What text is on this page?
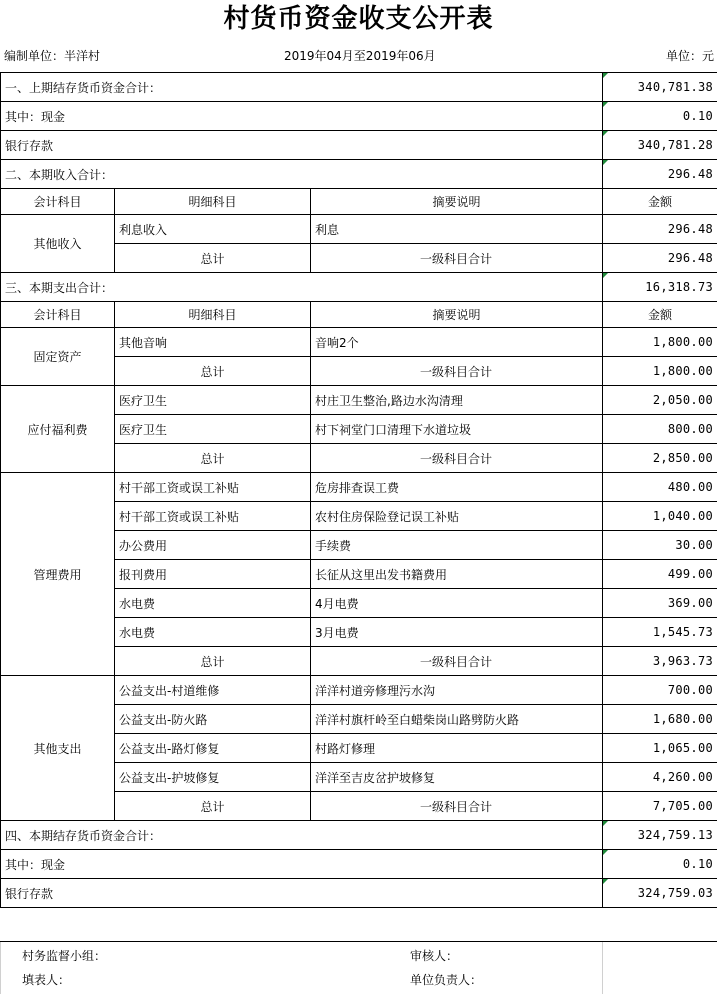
村货币资金收支公开表
编制单位：半洋村	2019年04月至2019年06月	单位：元
一、上期结存货币资金合计：			340,781.38
其中：现金			0.10
银行存款			340,781.28
二、本期收入合计：			296.48
会计科目	明细科目	摘要说明	金额
其他收入	利息收入	利息	296.48
	总计	一级科目合计	296.48
三、本期支出合计：			16,318.73
会计科目	明细科目	摘要说明	金额
固定资产	其他音响	音响2个	1,800.00
	总计	一级科目合计	1,800.00
应付福利费	医疗卫生	村庄卫生整治,路边水沟清理	2,050.00
	医疗卫生	村下祠堂门口清理下水道垃圾	800.00
	总计	一级科目合计	2,850.00
管理费用	村干部工资或误工补贴	危房排查误工费	480.00
	村干部工资或误工补贴	农村住房保险登记误工补贴	1,040.00
	办公费用	手续费	30.00
	报刊费用	长征从这里出发书籍费用	499.00
	水电费	4月电费	369.00
	水电费	3月电费	1,545.73
	总计	一级科目合计	3,963.73
其他支出	公益支出-村道维修	洋洋村道旁修理污水沟	700.00
	公益支出-防火路	洋洋村旗杆岭至白蜡柴岗山路劈防火路	1,680.00
	公益支出-路灯修复	村路灯修理	1,065.00
	公益支出-护坡修复	洋洋至吉皮岔护坡修复	4,260.00
	总计	一级科目合计	7,705.00
四、本期结存货币资金合计：			324,759.13
其中：现金			0.10
银行存款			324,759.03
村务监督小组：	审核人：
填表人：	单位负责人：
